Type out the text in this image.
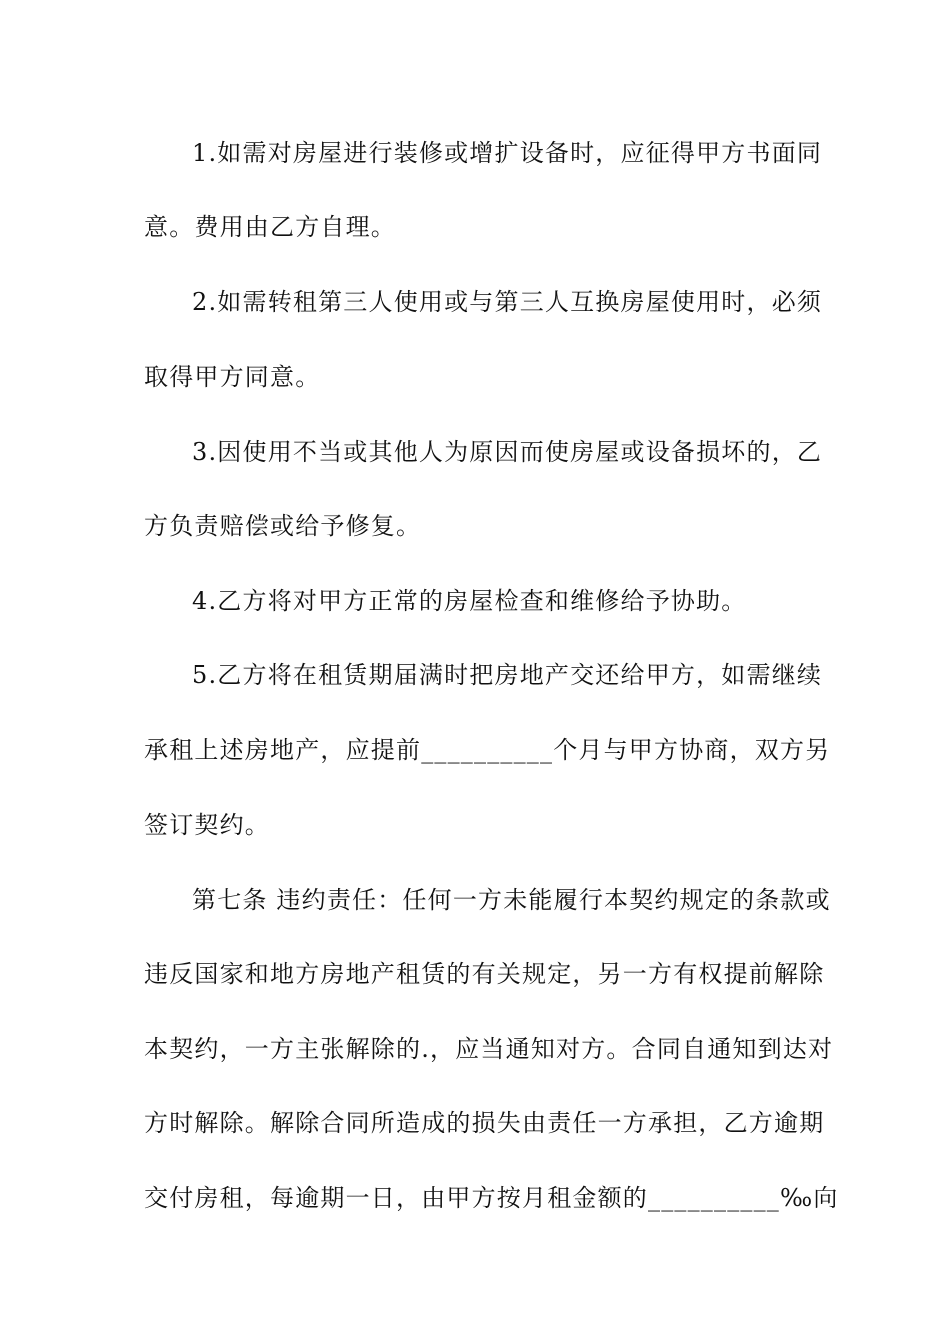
1.如需对房屋进行装修或增扩设备时，应征得甲方书面同
意。费用由乙方自理。
2.如需转租第三人使用或与第三人互换房屋使用时，必须
取得甲方同意。
3.因使用不当或其他人为原因而使房屋或设备损坏的，乙
方负责赔偿或给予修复。
4.乙方将对甲方正常的房屋检查和维修给予协助。
5.乙方将在租赁期届满时把房地产交还给甲方，如需继续
承租上述房地产，应提前__________个月与甲方协商，双方另
签订契约。
第七条 违约责任：任何一方未能履行本契约规定的条款或
违反国家和地方房地产租赁的有关规定，另一方有权提前解除
本契约，一方主张解除的.，应当通知对方。合同自通知到达对
方时解除。解除合同所造成的损失由责任一方承担，乙方逾期
交付房租，每逾期一日，由甲方按月租金额的__________‰向
